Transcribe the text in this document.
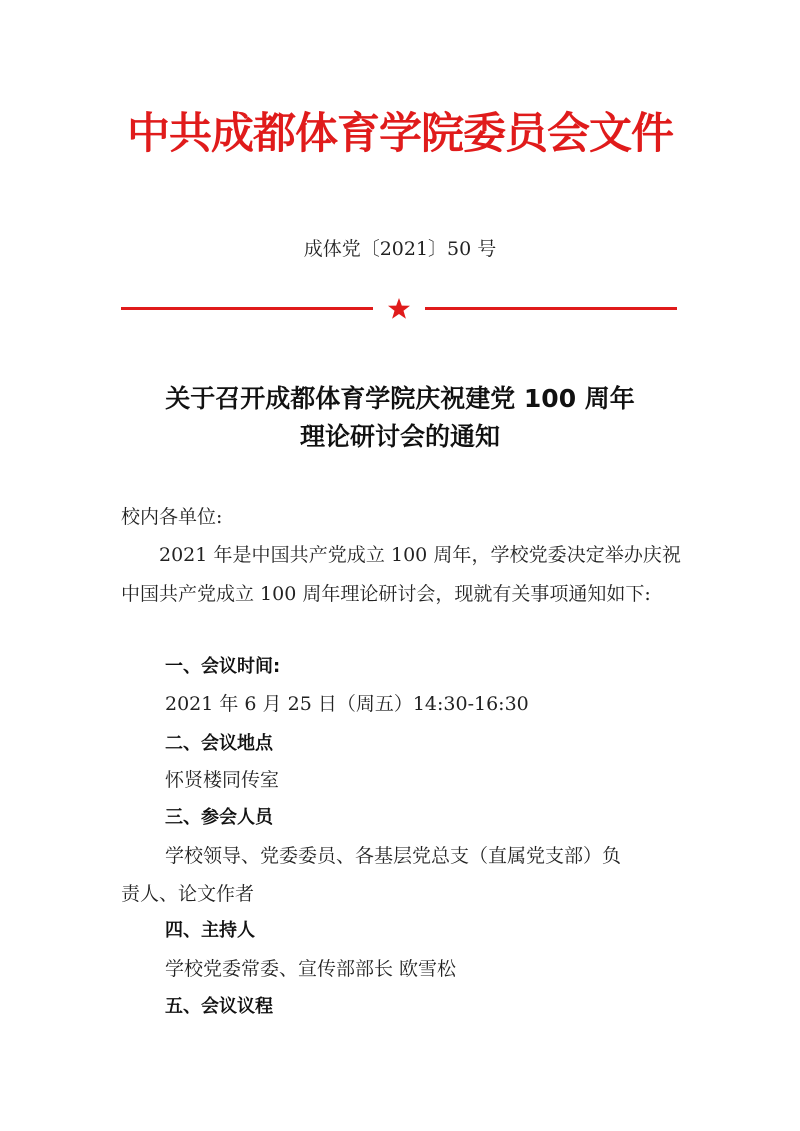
中共成都体育学院委员会文件
成体党〔2021〕50 号
关于召开成都体育学院庆祝建党 100 周年
理论研讨会的通知
校内各单位:
2021 年是中国共产党成立 100 周年，学校党委决定举办庆祝中国共产党成立 100 周年理论研讨会，现就有关事项通知如下:
一、会议时间:
2021 年 6 月 25 日（周五）14:30-16:30
二、会议地点
怀贤楼同传室
三、参会人员
学校领导、党委委员、各基层党总支（直属党支部）负
责人、论文作者
四、主持人
学校党委常委、宣传部部长 欧雪松
五、会议议程
